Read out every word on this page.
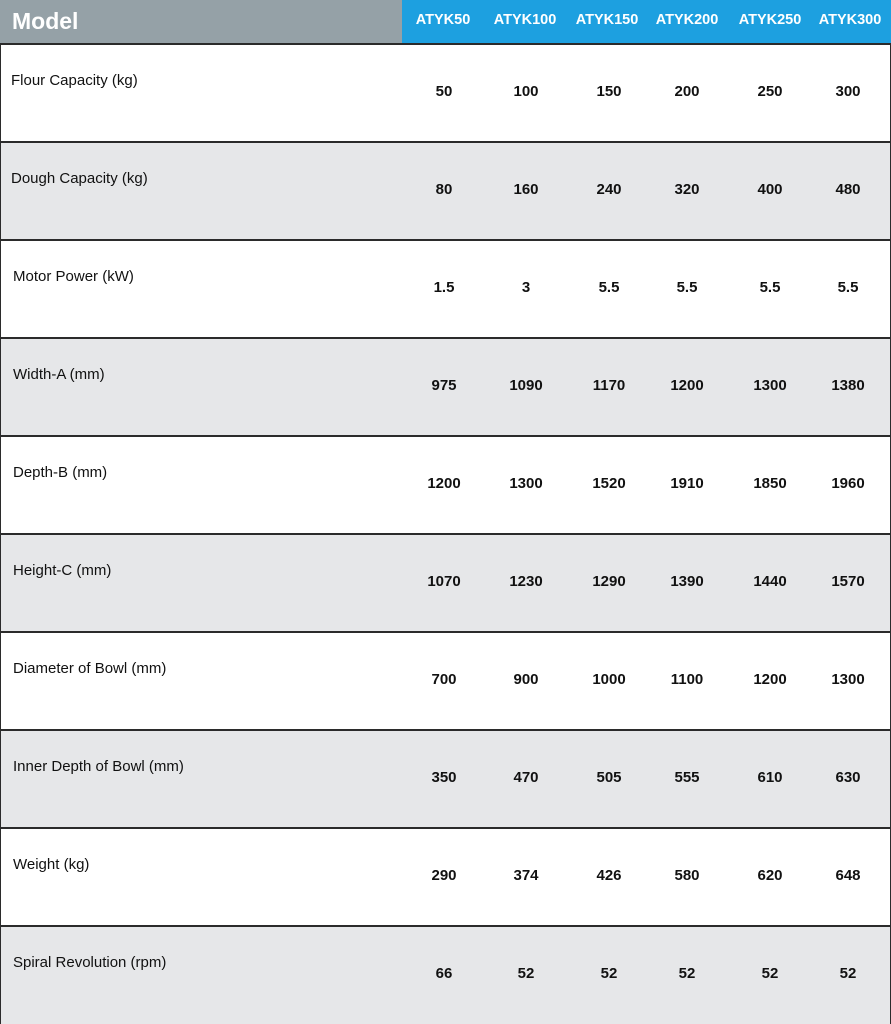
Model	ATYK50	ATYK100	ATYK150	ATYK200	ATYK250	ATYK300
Flour Capacity (kg)
50	100	150	200	250	300
Dough Capacity (kg)
80	160	240	320	400	480
Motor Power (kW)
1.5	3	5.5	5.5	5.5	5.5
Width-A (mm)
975	1090	1170	1200	1300	1380
Depth-B (mm)
1200	1300	1520	1910	1850	1960
Height-C (mm)
1070	1230	1290	1390	1440	1570
Diameter of Bowl (mm)
700	900	1000	1100	1200	1300
Inner Depth of Bowl (mm)
350	470	505	555	610	630
Weight (kg)
290	374	426	580	620	648
Spiral Revolution (rpm)
66	52	52	52	52	52
